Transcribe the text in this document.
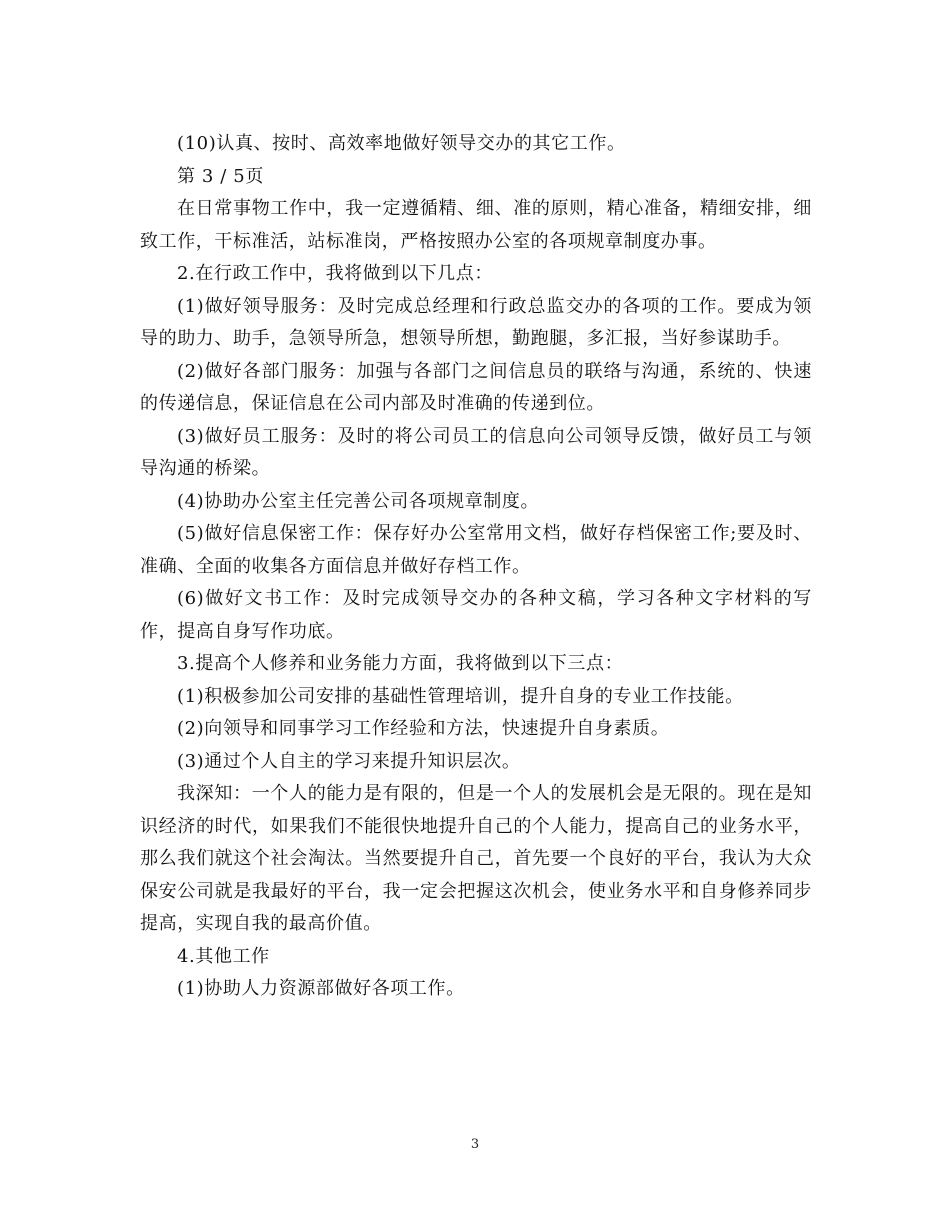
(10)认真、按时、高效率地做好领导交办的其它工作。

第 3 / 5页

在日常事物工作中，我一定遵循精、细、准的原则，精心准备，精细安排，细致工作，干标准活，站标准岗，严格按照办公室的各项规章制度办事。

2.在行政工作中，我将做到以下几点：

(1)做好领导服务：及时完成总经理和行政总监交办的各项的工作。要成为领导的助力、助手，急领导所急，想领导所想，勤跑腿，多汇报，当好参谋助手。

(2)做好各部门服务：加强与各部门之间信息员的联络与沟通，系统的、快速的传递信息，保证信息在公司内部及时准确的传递到位。

(3)做好员工服务：及时的将公司员工的信息向公司领导反馈，做好员工与领导沟通的桥梁。

(4)协助办公室主任完善公司各项规章制度。

(5)做好信息保密工作：保存好办公室常用文档，做好存档保密工作;要及时、准确、全面的收集各方面信息并做好存档工作。

(6)做好文书工作：及时完成领导交办的各种文稿，学习各种文字材料的写作，提高自身写作功底。

3.提高个人修养和业务能力方面，我将做到以下三点：

(1)积极参加公司安排的基础性管理培训，提升自身的专业工作技能。

(2)向领导和同事学习工作经验和方法，快速提升自身素质。

(3)通过个人自主的学习来提升知识层次。

我深知：一个人的能力是有限的，但是一个人的发展机会是无限的。现在是知识经济的时代，如果我们不能很快地提升自己的个人能力，提高自己的业务水平，那么我们就这个社会淘汰。当然要提升自己，首先要一个良好的平台，我认为大众保安公司就是我最好的平台，我一定会把握这次机会，使业务水平和自身修养同步提高，实现自我的最高价值。

4.其他工作

(1)协助人力资源部做好各项工作。

3
